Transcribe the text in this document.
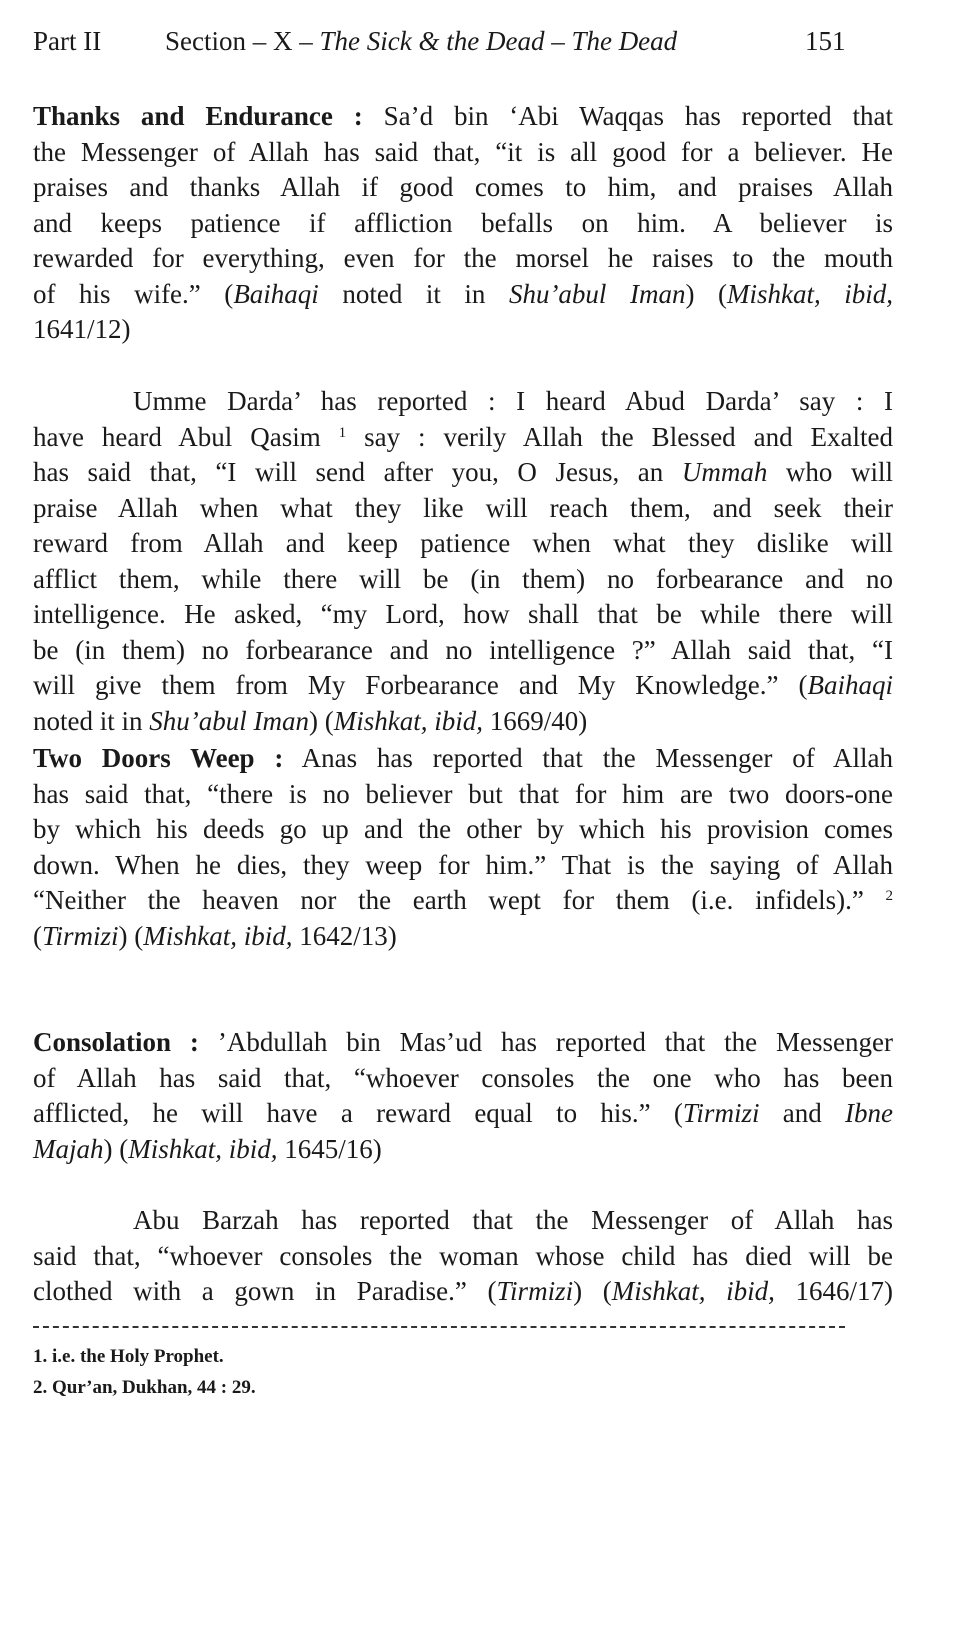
Part II Section – X – The Sick & the Dead – The Dead	151
Thanks and Endurance : Sa’d bin ‘Abi Waqqas has reported that
the Messenger of Allah has said that, “it is all good for a believer. He
praises and thanks Allah if good comes to him, and praises Allah
and keeps patience if affliction befalls on him. A believer is
rewarded for everything, even for the morsel he raises to the mouth
of his wife.” (Baihaqi noted it in Shu’abul Iman) (Mishkat, ibid,
1641/12)
Umme Darda’ has reported : I heard Abud Darda’ say : I
have heard Abul Qasim $^1$ say : verily Allah the Blessed and Exalted
has said that, “I will send after you, O Jesus, an Ummah who will
praise Allah when what they like will reach them, and seek their
reward from Allah and keep patience when what they dislike will
afflict them, while there will be (in them) no forbearance and no
intelligence. He asked, “my Lord, how shall that be while there will
be (in them) no forbearance and no intelligence ?” Allah said that, “I
will give them from My Forbearance and My Knowledge.” (Baihaqi
noted it in Shu’abul Iman) (Mishkat, ibid, 1669/40)
Two Doors Weep : Anas has reported that the Messenger of Allah
has said that, “there is no believer but that for him are two doors-one
by which his deeds go up and the other by which his provision comes
down. When he dies, they weep for him.” That is the saying of Allah
“Neither the heaven nor the earth wept for them (i.e. infidels).” $^2$
(Tirmizi) (Mishkat, ibid, 1642/13)
Consolation : ’Abdullah bin Mas’ud has reported that the Messenger
of Allah has said that, “whoever consoles the one who has been
afflicted, he will have a reward equal to his.” (Tirmizi and Ibne
Majah) (Mishkat, ibid, 1645/16)
Abu Barzah has reported that the Messenger of Allah has
said that, “whoever consoles the woman whose child has died will be
clothed with a gown in Paradise.” (Tirmizi) (Mishkat, ibid, 1646/17)
1. i.e. the Holy Prophet.
2. Qur’an, Dukhan, 44 : 29.
